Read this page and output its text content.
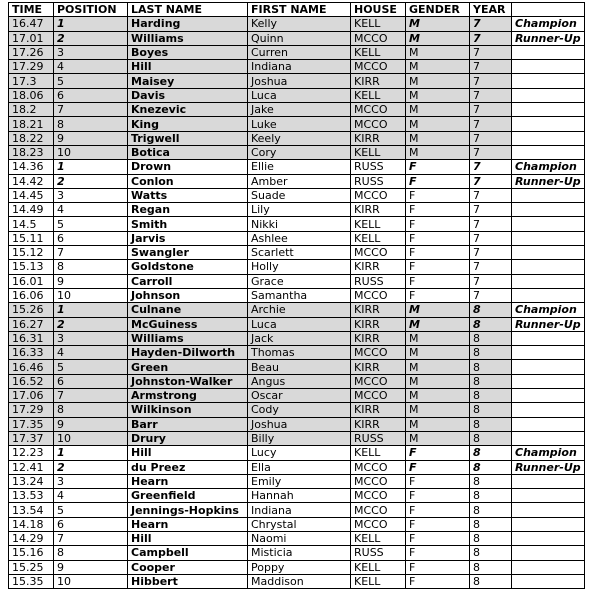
TIME	POSITION	LAST NAME	FIRST NAME	HOUSE	GENDER	YEAR	
16.47	1	Harding	Kelly	KELL	M	7	Champion
17.01	2	Williams	Quinn	MCCO	M	7	Runner-Up
17.26	3	Boyes	Curren	KELL	M	7	
17.29	4	Hill	Indiana	MCCO	M	7	
17.3	5	Maisey	Joshua	KIRR	M	7	
18.06	6	Davis	Luca	KELL	M	7	
18.2	7	Knezevic	Jake	MCCO	M	7	
18.21	8	King	Luke	MCCO	M	7	
18.22	9	Trigwell	Keely	KIRR	M	7	
18.23	10	Botica	Cory	KELL	M	7	
14.36	1	Drown	Ellie	RUSS	F	7	Champion
14.42	2	Conlon	Amber	RUSS	F	7	Runner-Up
14.45	3	Watts	Suade	MCCO	F	7	
14.49	4	Regan	Lily	KIRR	F	7	
14.5	5	Smith	Nikki	KELL	F	7	
15.11	6	Jarvis	Ashlee	KELL	F	7	
15.12	7	Swangler	Scarlett	MCCO	F	7	
15.13	8	Goldstone	Holly	KIRR	F	7	
16.01	9	Carroll	Grace	RUSS	F	7	
16.06	10	Johnson	Samantha	MCCO	F	7	
15.26	1	Culnane	Archie	KIRR	M	8	Champion
16.27	2	McGuiness	Luca	KIRR	M	8	Runner-Up
16.31	3	Williams	Jack	KIRR	M	8	
16.33	4	Hayden-Dilworth	Thomas	MCCO	M	8	
16.46	5	Green	Beau	KIRR	M	8	
16.52	6	Johnston-Walker	Angus	MCCO	M	8	
17.06	7	Armstrong	Oscar	MCCO	M	8	
17.29	8	Wilkinson	Cody	KIRR	M	8	
17.35	9	Barr	Joshua	KIRR	M	8	
17.37	10	Drury	Billy	RUSS	M	8	
12.23	1	Hill	Lucy	KELL	F	8	Champion
12.41	2	du Preez	Ella	MCCO	F	8	Runner-Up
13.24	3	Hearn	Emily	MCCO	F	8	
13.53	4	Greenfield	Hannah	MCCO	F	8	
13.54	5	Jennings-Hopkins	Indiana	MCCO	F	8	
14.18	6	Hearn	Chrystal	MCCO	F	8	
14.29	7	Hill	Naomi	KELL	F	8	
15.16	8	Campbell	Misticia	RUSS	F	8	
15.25	9	Cooper	Poppy	KELL	F	8	
15.35	10	Hibbert	Maddison	KELL	F	8	
